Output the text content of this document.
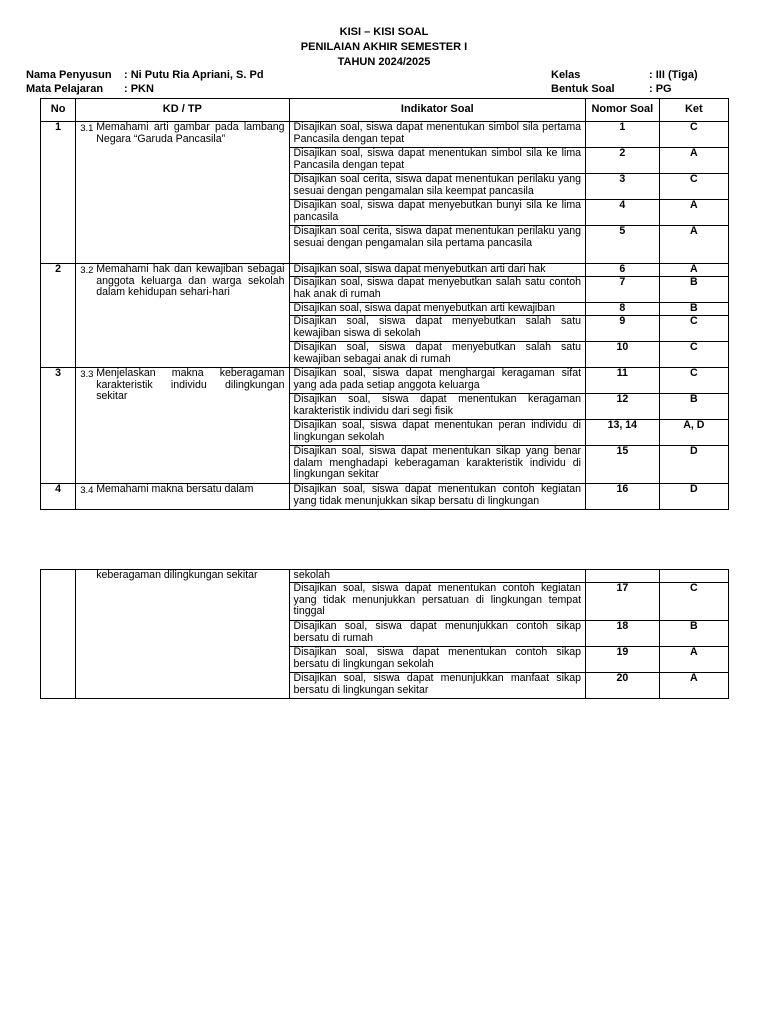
KISI – KISI SOAL
PENILAIAN AKHIR SEMESTER I
TAHUN 2024/2025
Nama Penyusun	: Ni Putu Ria Apriani, S. Pd
Mata Pelajaran	: PKN
Kelas	: III (Tiga)
Bentuk Soal	: PG
No	KD / TP	Indikator Soal	Nomor Soal	Ket
1	3.1 Memahami arti gambar pada lambang Negara “Garuda Pancasila”	Disajikan soal, siswa dapat menentukan simbol sila pertama Pancasila dengan tepat	1	C
		Disajikan soal, siswa dapat menentukan simbol sila ke lima Pancasila dengan tepat	2	A
		Disajikan soal cerita, siswa dapat menentukan perilaku yang sesuai dengan pengamalan sila keempat pancasila	3	C
		Disajikan soal, siswa dapat menyebutkan bunyi sila ke lima pancasila	4	A
		Disajikan soal cerita, siswa dapat menentukan perilaku yang sesuai dengan pengamalan sila pertama pancasila	5	A
2	3.2 Memahami hak dan kewajiban sebagai anggota keluarga dan warga sekolah dalam kehidupan sehari-hari	Disajikan soal, siswa dapat menyebutkan arti dari hak	6	A
		Disajikan soal, siswa dapat menyebutkan salah satu contoh hak anak di rumah	7	B
		Disajikan soal, siswa dapat menyebutkan arti kewajiban	8	B
		Disajikan soal, siswa dapat menyebutkan salah satu kewajiban siswa di sekolah	9	C
		Disajikan soal, siswa dapat menyebutkan salah satu kewajiban sebagai anak di rumah	10	C
3	3.3 Menjelaskan makna keberagaman karakteristik individu dilingkungan sekitar	Disajikan soal, siswa dapat menghargai keragaman sifat yang ada pada setiap anggota keluarga	11	C
		Disajikan soal, siswa dapat menentukan keragaman karakteristik individu dari segi fisik	12	B
		Disajikan soal, siswa dapat menentukan peran individu di lingkungan sekolah	13, 14	A, D
		Disajikan soal, siswa dapat menentukan sikap yang benar dalam menghadapi keberagaman karakteristik individu di lingkungan sekitar	15	D
4	3.4 Memahami makna bersatu dalam	Disajikan soal, siswa dapat menentukan contoh kegiatan yang tidak menunjukkan sikap bersatu di lingkungan	16	D

	keberagaman dilingkungan sekitar	sekolah		
		Disajikan soal, siswa dapat menentukan contoh kegiatan yang tidak menunjukkan persatuan di lingkungan tempat tinggal	17	C
		Disajikan soal, siswa dapat menunjukkan contoh sikap bersatu di rumah	18	B
		Disajikan soal, siswa dapat menentukan contoh sikap bersatu di lingkungan sekolah	19	A
		Disajikan soal, siswa dapat menunjukkan manfaat sikap bersatu di lingkungan sekitar	20	A
